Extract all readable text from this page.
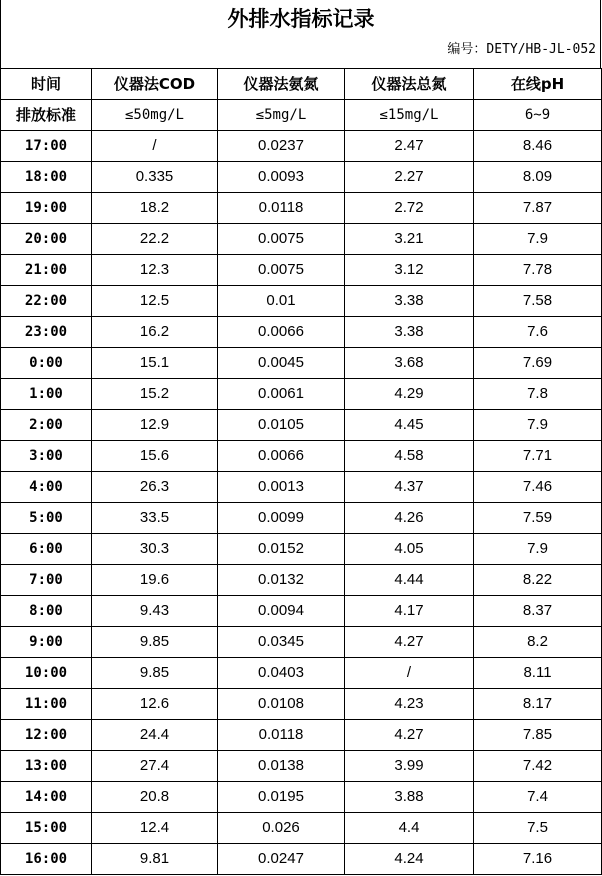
外排水指标记录
编号：DETY/HB-JL-052
时间	仪器法COD	仪器法氨氮	仪器法总氮	在线pH
排放标准	≤50mg/L	≤5mg/L	≤15mg/L	6~9
17:00	/	0.0237	2.47	8.46
18:00	0.335	0.0093	2.27	8.09
19:00	18.2	0.0118	2.72	7.87
20:00	22.2	0.0075	3.21	7.9
21:00	12.3	0.0075	3.12	7.78
22:00	12.5	0.01	3.38	7.58
23:00	16.2	0.0066	3.38	7.6
0:00	15.1	0.0045	3.68	7.69
1:00	15.2	0.0061	4.29	7.8
2:00	12.9	0.0105	4.45	7.9
3:00	15.6	0.0066	4.58	7.71
4:00	26.3	0.0013	4.37	7.46
5:00	33.5	0.0099	4.26	7.59
6:00	30.3	0.0152	4.05	7.9
7:00	19.6	0.0132	4.44	8.22
8:00	9.43	0.0094	4.17	8.37
9:00	9.85	0.0345	4.27	8.2
10:00	9.85	0.0403	/	8.11
11:00	12.6	0.0108	4.23	8.17
12:00	24.4	0.0118	4.27	7.85
13:00	27.4	0.0138	3.99	7.42
14:00	20.8	0.0195	3.88	7.4
15:00	12.4	0.026	4.4	7.5
16:00	9.81	0.0247	4.24	7.16
